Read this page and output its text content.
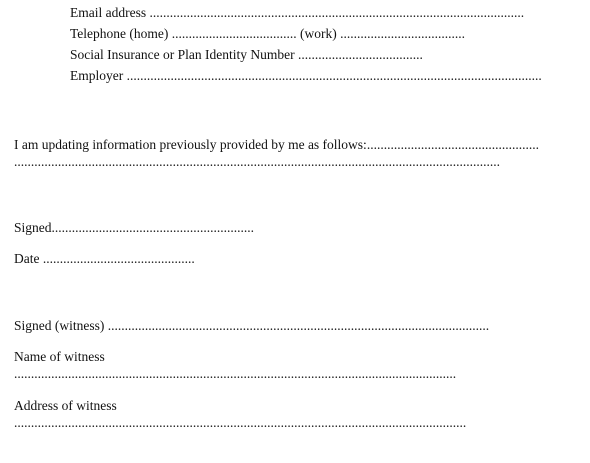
Email address ...............................................................................................................
Telephone (home) ..................................... (work) .....................................
Social Insurance or Plan Identity Number .....................................
Employer ...........................................................................................................................
I am updating information previously provided by me as follows:...................................................
................................................................................................................................................
Signed............................................................
Date .............................................
Signed (witness) .................................................................................................................
Name of witness
...................................................................................................................................
Address of witness
......................................................................................................................................
